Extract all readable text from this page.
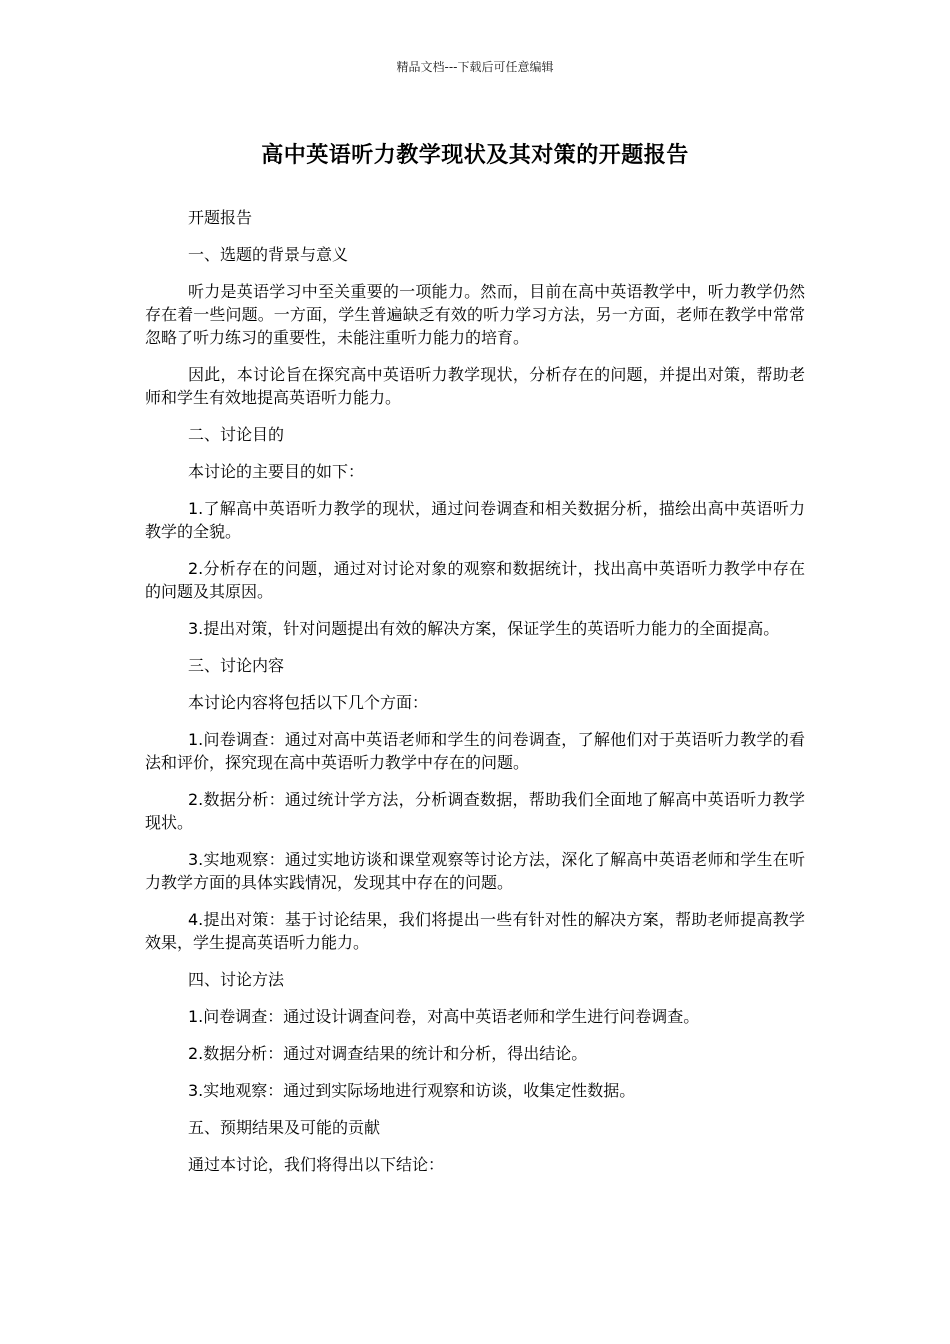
精品文档---下载后可任意编辑
高中英语听力教学现状及其对策的开题报告

开题报告

一、选题的背景与意义

听力是英语学习中至关重要的一项能力。然而，目前在高中英语教学中，听力教学仍然存在着一些问题。一方面，学生普遍缺乏有效的听力学习方法，另一方面，老师在教学中常常忽略了听力练习的重要性，未能注重听力能力的培育。

因此，本讨论旨在探究高中英语听力教学现状，分析存在的问题，并提出对策，帮助老师和学生有效地提高英语听力能力。

二、讨论目的

本讨论的主要目的如下：

1.了解高中英语听力教学的现状，通过问卷调查和相关数据分析，描绘出高中英语听力教学的全貌。

2.分析存在的问题，通过对讨论对象的观察和数据统计，找出高中英语听力教学中存在的问题及其原因。

3.提出对策，针对问题提出有效的解决方案，保证学生的英语听力能力的全面提高。

三、讨论内容

本讨论内容将包括以下几个方面：

1.问卷调查：通过对高中英语老师和学生的问卷调查，了解他们对于英语听力教学的看法和评价，探究现在高中英语听力教学中存在的问题。

2.数据分析：通过统计学方法，分析调查数据，帮助我们全面地了解高中英语听力教学现状。

3.实地观察：通过实地访谈和课堂观察等讨论方法，深化了解高中英语老师和学生在听力教学方面的具体实践情况，发现其中存在的问题。

4.提出对策：基于讨论结果，我们将提出一些有针对性的解决方案，帮助老师提高教学效果，学生提高英语听力能力。

四、讨论方法

1.问卷调查：通过设计调查问卷，对高中英语老师和学生进行问卷调查。

2.数据分析：通过对调查结果的统计和分析，得出结论。

3.实地观察：通过到实际场地进行观察和访谈，收集定性数据。

五、预期结果及可能的贡献

通过本讨论，我们将得出以下结论：
